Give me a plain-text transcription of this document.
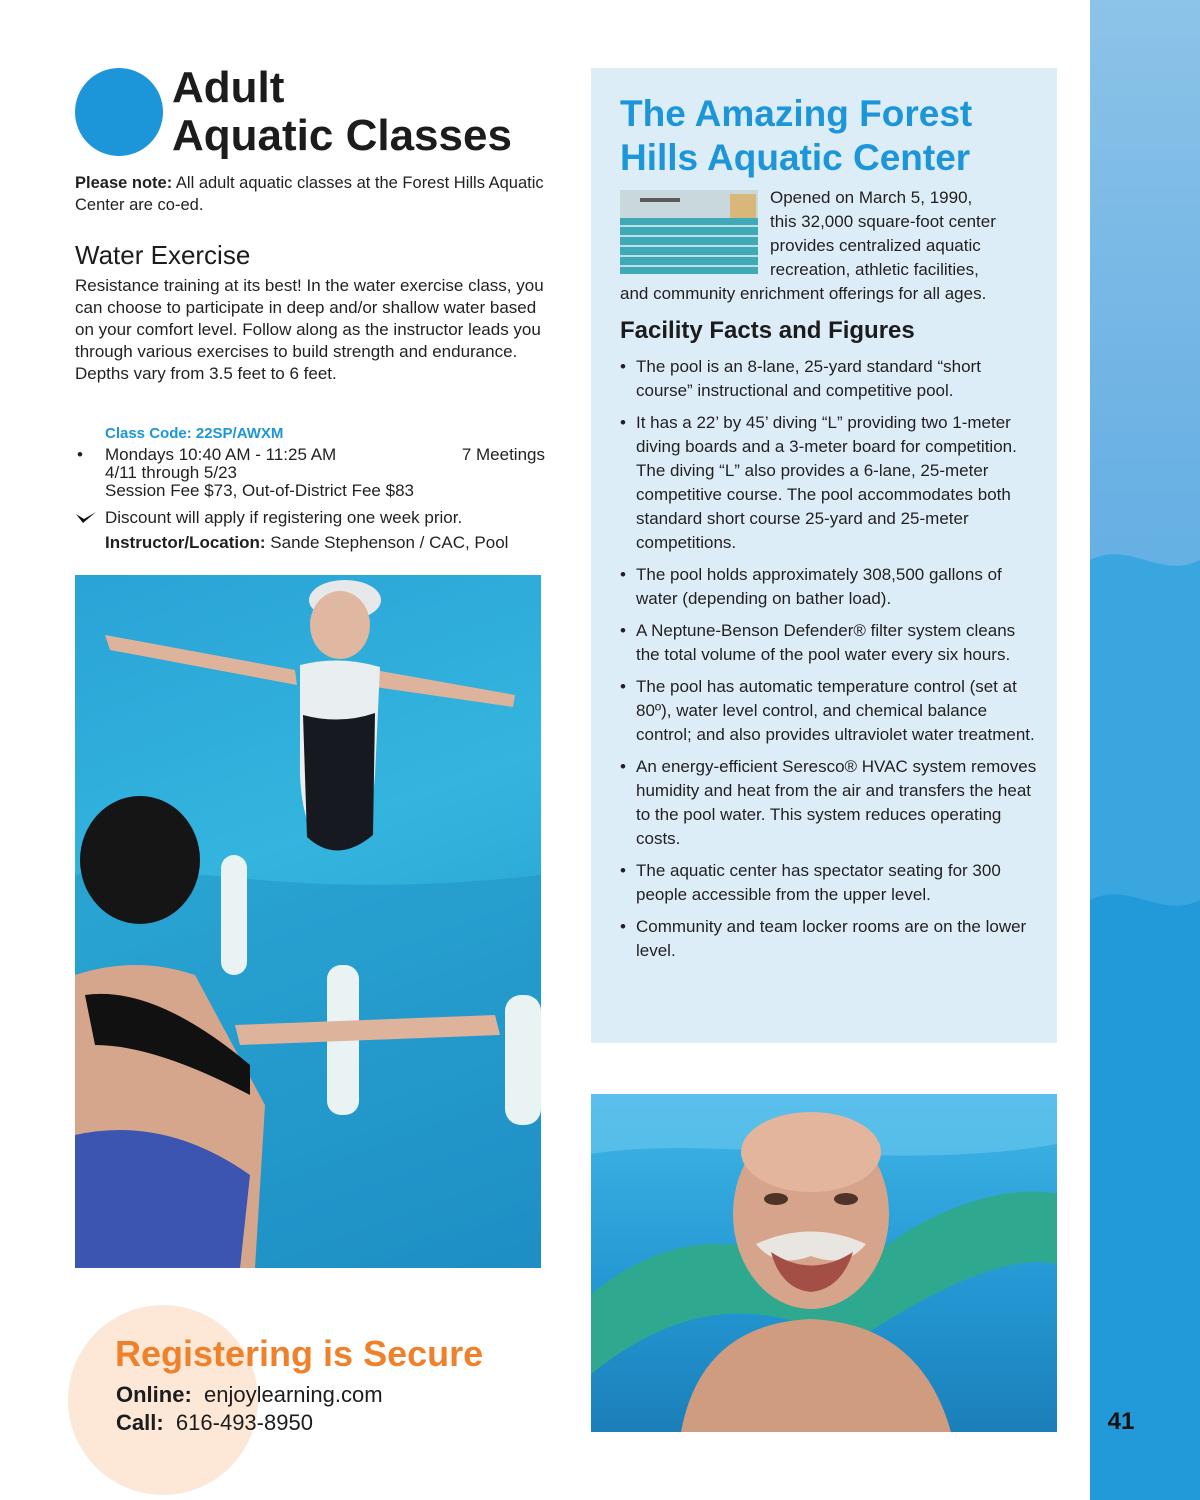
41
Adult
Aquatic Classes

Please note: All adult aquatic classes at the Forest Hills Aquatic Center are co-ed.

Water Exercise

Resistance training at its best! In the water exercise class, you can choose to participate in deep and/or shallow water based on your comfort level. Follow along as the instructor leads you through various exercises to build strength and endurance. Depths vary from 3.5 feet to 6 feet.

Class Code: 22SP/AWXM
• Mondays 10:40 AM - 11:25 AM	7 Meetings
4/11 through 5/23
Session Fee $73, Out-of-District Fee $83
Discount will apply if registering one week prior.
Instructor/Location: Sande Stephenson / CAC, Pool
Registering is Secure
Online: enjoylearning.com
Call: 616-493-8950
The Amazing Forest Hills Aquatic Center
Opened on March 5, 1990,
this 32,000 square-foot center
provides centralized aquatic
recreation, athletic facilities,
and community enrichment offerings for all ages.
Facility Facts and Figures
• The pool is an 8-lane, 25-yard standard “short course” instructional and competitive pool.
• It has a 22’ by 45’ diving “L” providing two 1-meter diving boards and a 3-meter board for competition. The diving “L” also provides a 6-lane, 25-meter competitive course. The pool accommodates both standard short course 25-yard and 25-meter competitions.
• The pool holds approximately 308,500 gallons of water (depending on bather load).
• A Neptune-Benson Defender® filter system cleans the total volume of the pool water every six hours.
• The pool has automatic temperature control (set at 80º), water level control, and chemical balance control; and also provides ultraviolet water treatment.
• An energy-efficient Seresco® HVAC system removes humidity and heat from the air and transfers the heat to the pool water. This system reduces operating costs.
• The aquatic center has spectator seating for 300 people accessible from the upper level.
• Community and team locker rooms are on the lower level.
